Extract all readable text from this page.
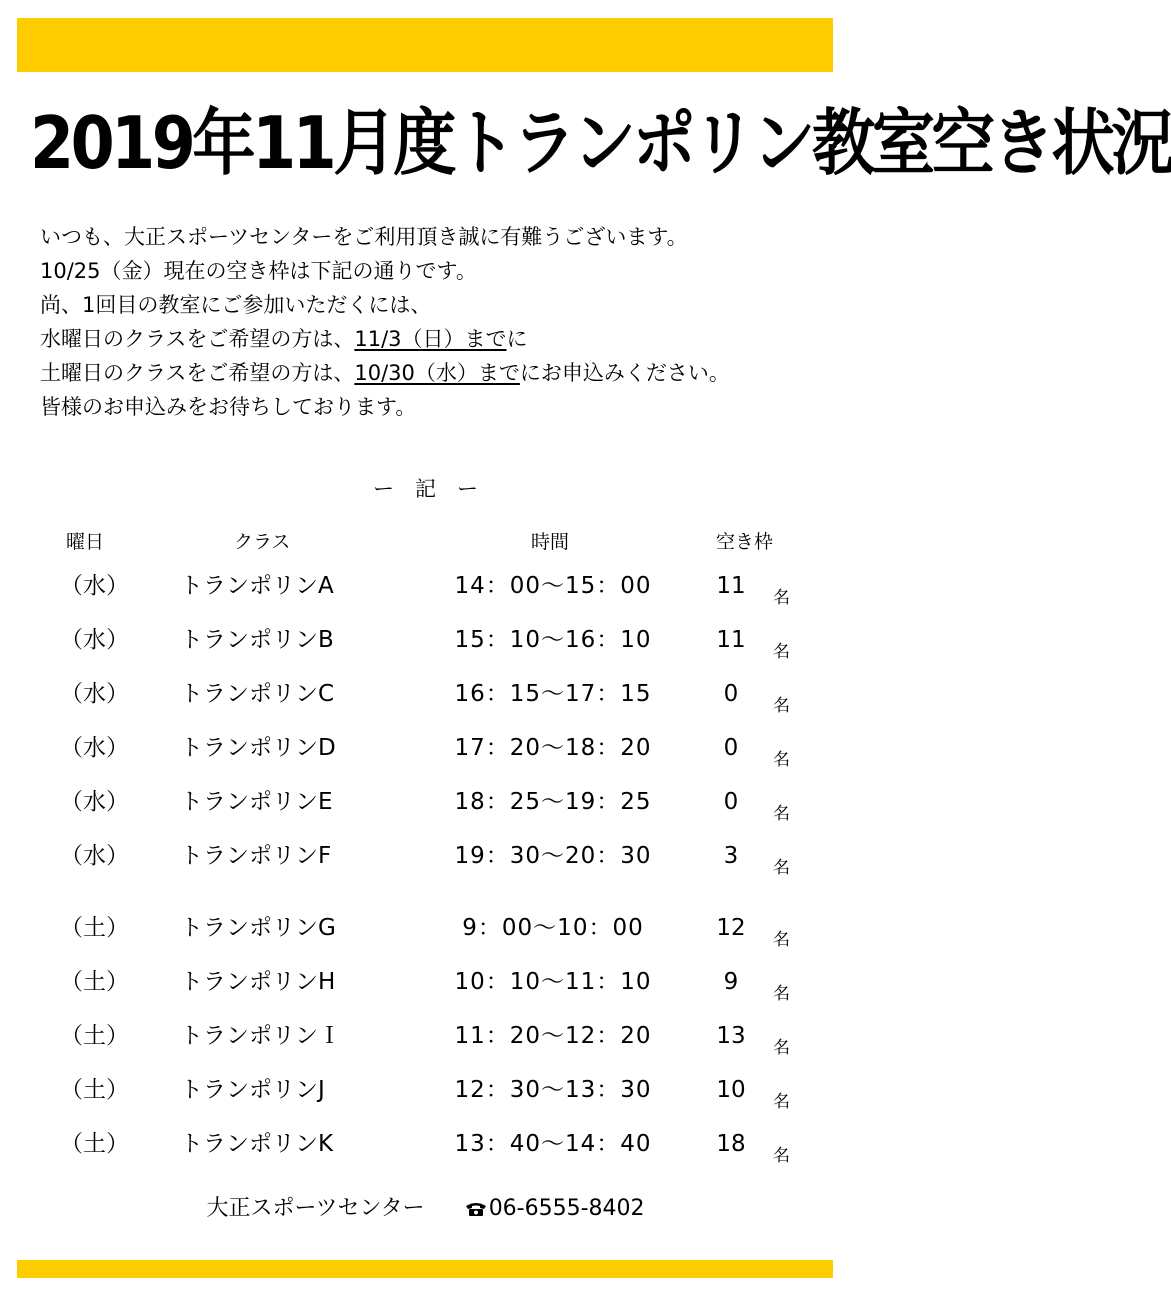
2019年11月度トランポリン教室空き状況
いつも、大正スポーツセンターをご利用頂き誠に有難うございます。
10/25（金）現在の空き枠は下記の通りです。
尚、1回目の教室にご参加いただくには、
水曜日のクラスをご希望の方は、11/3（日）までに
土曜日のクラスをご希望の方は、10/30（水）までにお申込みください。
皆様のお申込みをお待ちしております。
ー　記　ー
曜日	クラス	時間	空き枠
（水） トランポリンA	14：00～15：00	11	名
（水） トランポリンB	15：10～16：10	11	名
（水） トランポリンC	16：15～17：15	0	名
（水） トランポリンD	17：20～18：20	0	名
（水） トランポリンE	18：25～19：25	0	名
（水） トランポリンF	19：30～20：30	3	名
（土） トランポリンG	9：00～10：00	12	名
（土） トランポリンH	10：10～11：10	9	名
（土） トランポリンＩ	11：20～12：20	13	名
（土） トランポリンJ	12：30～13：30	10	名
（土） トランポリンK	13：40～14：40	18	名
大正スポーツセンター	06-6555-8402
